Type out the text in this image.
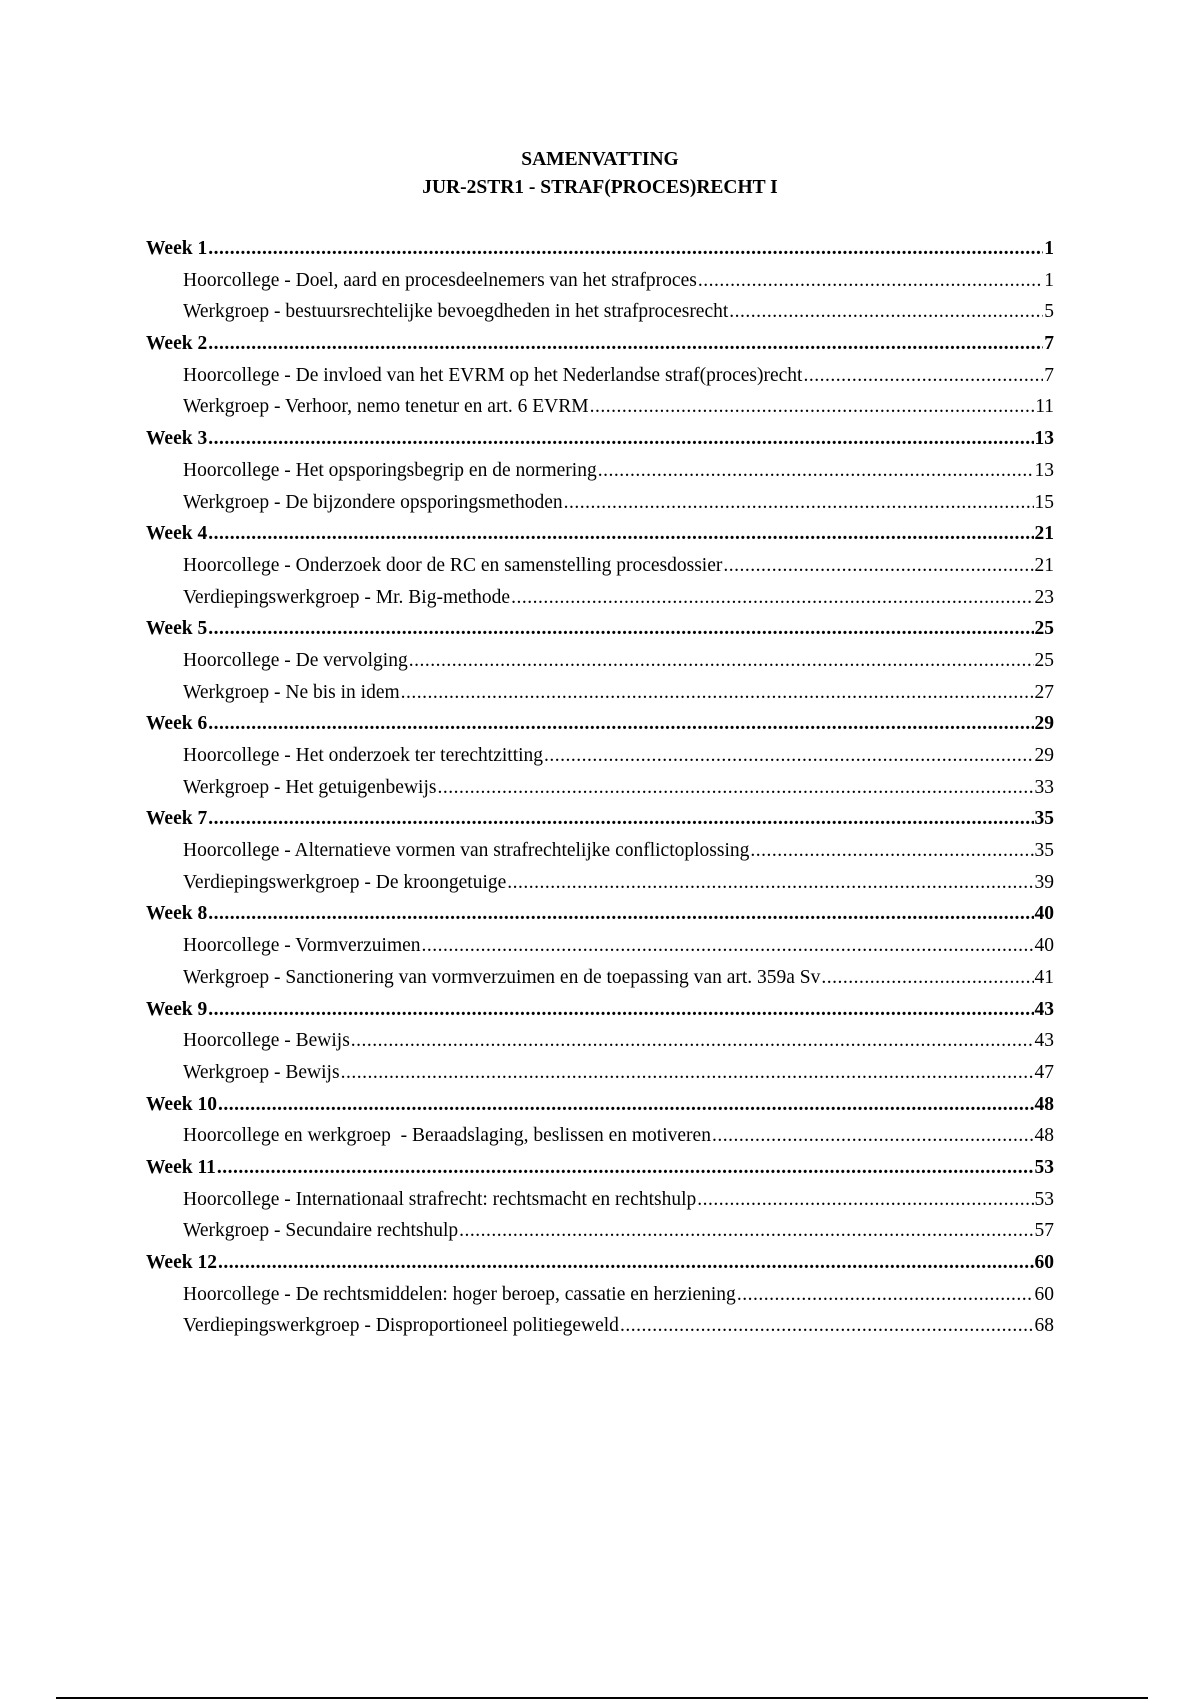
SAMENVATTING
JUR-2STR1 - STRAF(PROCES)RECHT I
Week 1 .....	1
Hoorcollege - Doel, aard en procesdeelnemers van het strafproces .....	1
Werkgroep - bestuursrechtelijke bevoegdheden in het strafprocesrecht .....	5
Week 2 .....	7
Hoorcollege - De invloed van het EVRM op het Nederlandse straf(proces)recht .....	7
Werkgroep - Verhoor, nemo tenetur en art. 6 EVRM .....	11
Week 3 .....	13
Hoorcollege - Het opsporingsbegrip en de normering .....	13
Werkgroep - De bijzondere opsporingsmethoden .....	15
Week 4 .....	21
Hoorcollege - Onderzoek door de RC en samenstelling procesdossier .....	21
Verdiepingswerkgroep - Mr. Big-methode .....	23
Week 5 .....	25
Hoorcollege - De vervolging .....	25
Werkgroep - Ne bis in idem .....	27
Week 6 .....	29
Hoorcollege - Het onderzoek ter terechtzitting .....	29
Werkgroep - Het getuigenbewijs .....	33
Week 7 .....	35
Hoorcollege - Alternatieve vormen van strafrechtelijke conflictoplossing .....	35
Verdiepingswerkgroep - De kroongetuige .....	39
Week 8 .....	40
Hoorcollege - Vormverzuimen .....	40
Werkgroep - Sanctionering van vormverzuimen en de toepassing van art. 359a Sv .....	41
Week 9 .....	43
Hoorcollege - Bewijs .....	43
Werkgroep - Bewijs .....	47
Week 10 .....	48
Hoorcollege en werkgroep  - Beraadslaging, beslissen en motiveren .....	48
Week 11 .....	53
Hoorcollege - Internationaal strafrecht: rechtsmacht en rechtshulp .....	53
Werkgroep - Secundaire rechtshulp .....	57
Week 12 .....	60
Hoorcollege - De rechtsmiddelen: hoger beroep, cassatie en herziening .....	60
Verdiepingswerkgroep - Disproportioneel politiegeweld .....	68
